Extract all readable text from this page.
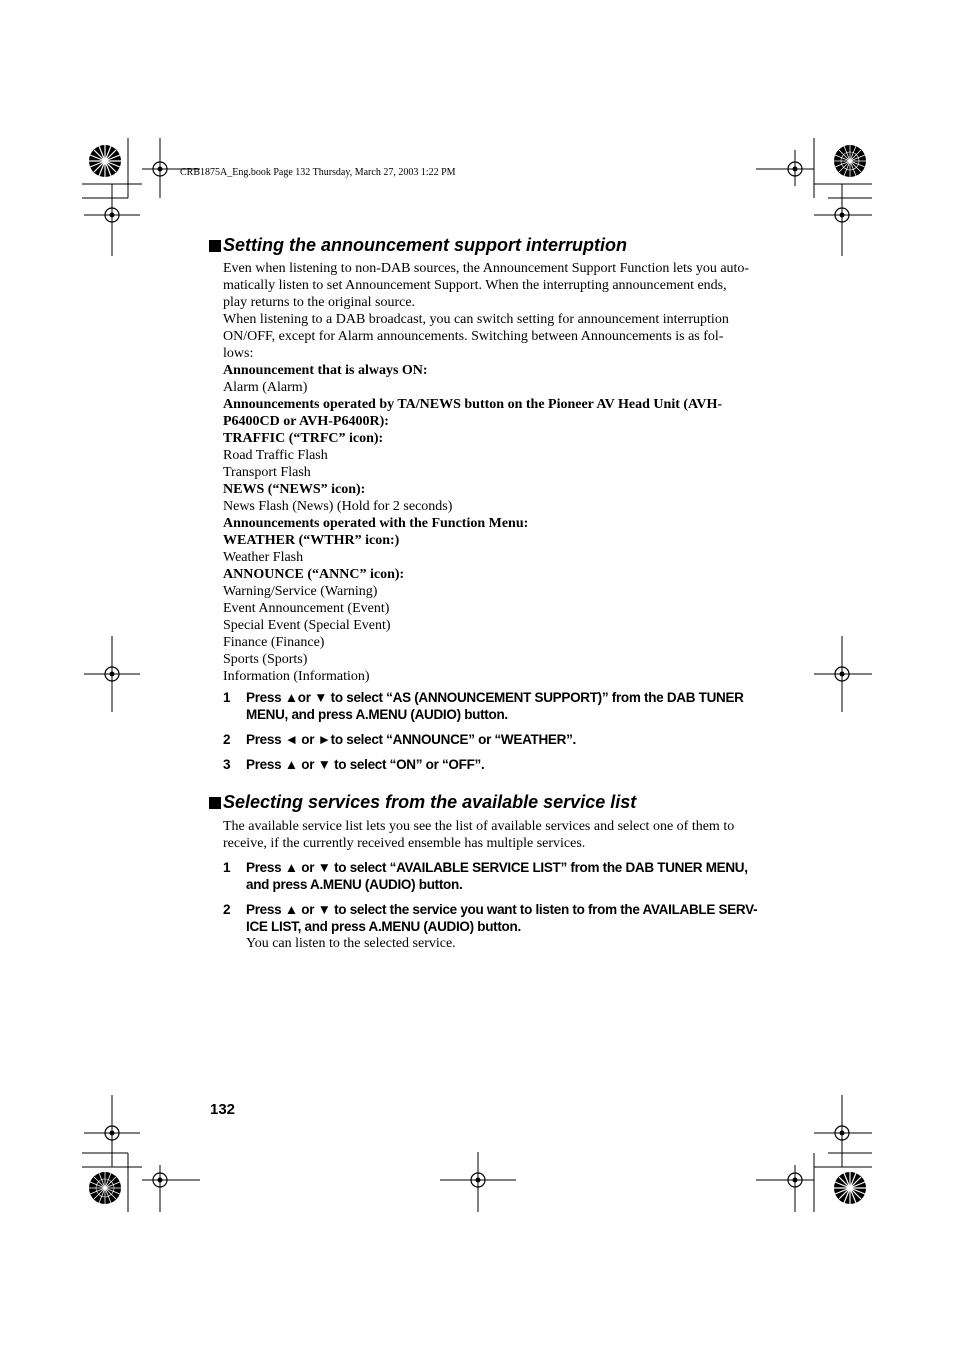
CRB1875A_Eng.book Page 132 Thursday, March 27, 2003 1:22 PM
Setting the announcement support interruption

Even when listening to non-DAB sources, the Announcement Support Function lets you auto-

matically listen to set Announcement Support. When the interrupting announcement ends,

play returns to the original source.

When listening to a DAB broadcast, you can switch setting for announcement interruption

ON/OFF, except for Alarm announcements. Switching between Announcements is as fol-

lows:

Announcement that is always ON:

Alarm (Alarm)

Announcements operated by TA/NEWS button on the Pioneer AV Head Unit (AVH-

P6400CD or AVH-P6400R):

TRAFFIC (“TRFC” icon):

Road Traffic Flash

Transport Flash

NEWS (“NEWS” icon):

News Flash (News) (Hold for 2 seconds)

Announcements operated with the Function Menu:

WEATHER (“WTHR” icon:)

Weather Flash

ANNOUNCE (“ANNC” icon):

Warning/Service (Warning)

Event Announcement (Event)

Special Event (Special Event)

Finance (Finance)

Sports (Sports)

Information (Information)

1 Press ▲or ▼ to select “AS (ANNOUNCEMENT SUPPORT)” from the DAB TUNER
MENU, and press A.MENU (AUDIO) button.
2 Press ◄ or ►to select “ANNOUNCE” or “WEATHER”.
3 Press ▲ or ▼ to select “ON” or “OFF”.
Selecting services from the available service list

The available service list lets you see the list of available services and select one of them to

receive, if the currently received ensemble has multiple services.

1 Press ▲ or ▼ to select “AVAILABLE SERVICE LIST” from the DAB TUNER MENU,
and press A.MENU (AUDIO) button.
2 Press ▲ or ▼ to select the service you want to listen to from the AVAILABLE SERV-
ICE LIST, and press A.MENU (AUDIO) button.
You can listen to the selected service.
132
